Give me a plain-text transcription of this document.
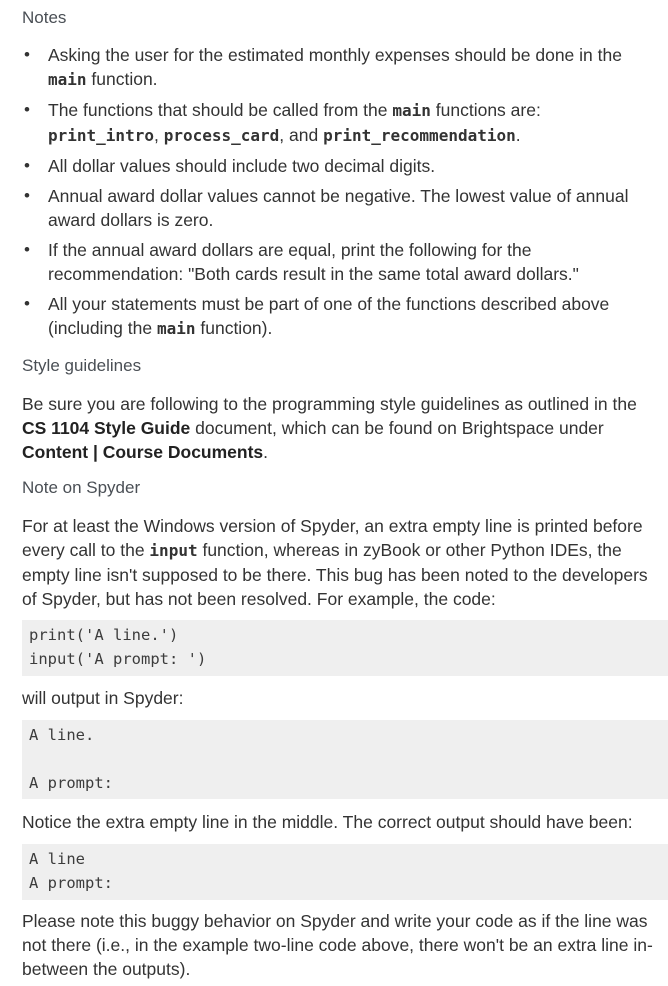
Notes
• Asking the user for the estimated monthly expenses should be done in the main function.
• The functions that should be called from the main functions are: print_intro, process_card, and print_recommendation.
• All dollar values should include two decimal digits.
• Annual award dollar values cannot be negative. The lowest value of annual award dollars is zero.
• If the annual award dollars are equal, print the following for the recommendation: "Both cards result in the same total award dollars."
• All your statements must be part of one of the functions described above (including the main function).
Style guidelines

Be sure you are following to the programming style guidelines as outlined in the CS 1104 Style Guide document, which can be found on Brightspace under Content | Course Documents.

Note on Spyder

For at least the Windows version of Spyder, an extra empty line is printed before every call to the input function, whereas in zyBook or other Python IDEs, the empty line isn't supposed to be there. This bug has been noted to the developers of Spyder, but has not been resolved. For example, the code:

print('A line.')
input('A prompt: ')

will output in Spyder:

A line.
A prompt:

Notice the extra empty line in the middle. The correct output should have been:

A line
A prompt:

Please note this buggy behavior on Spyder and write your code as if the line was not there (i.e., in the example two-line code above, there won't be an extra line in-between the outputs).
